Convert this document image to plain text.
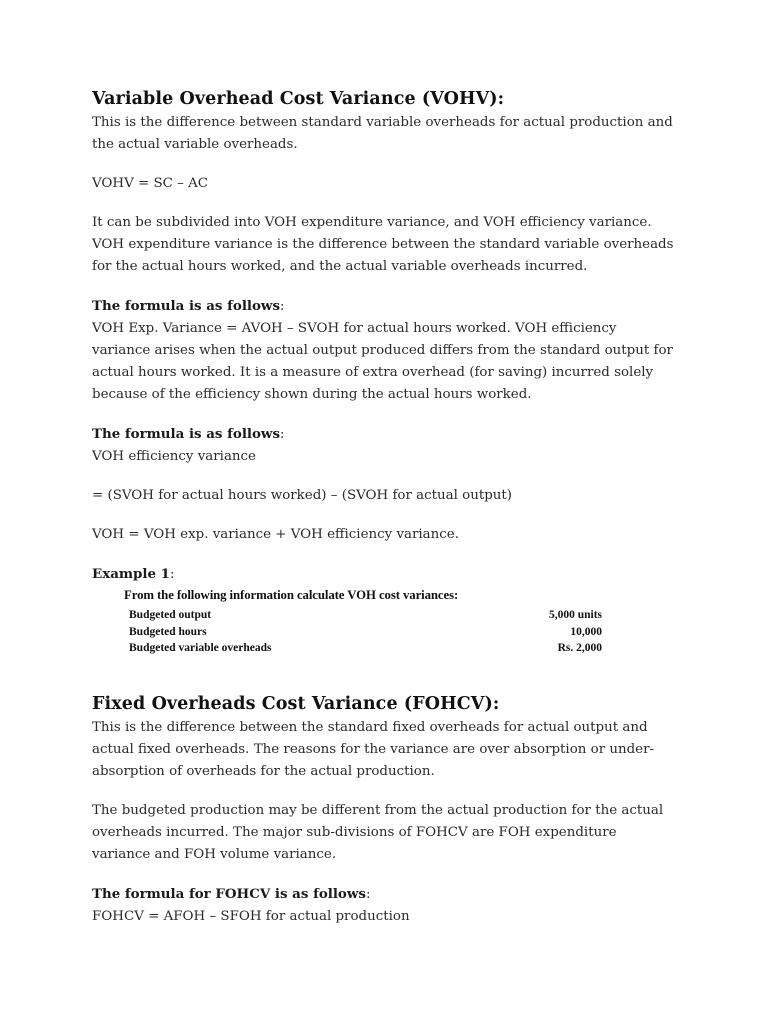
Variable Overhead Cost Variance (VOHV):

This is the difference between standard variable overheads for actual production and

the actual variable overheads.

VOHV = SC – AC

It can be subdivided into VOH expenditure variance, and VOH efficiency variance.

VOH expenditure variance is the difference between the standard variable overheads

for the actual hours worked, and the actual variable overheads incurred.

The formula is as follows:

VOH Exp. Variance = AVOH – SVOH for actual hours worked. VOH efficiency

variance arises when the actual output produced differs from the standard output for

actual hours worked. It is a measure of extra overhead (for saving) incurred solely

because of the efficiency shown during the actual hours worked.

The formula is as follows:

VOH efficiency variance

= (SVOH for actual hours worked) – (SVOH for actual output)

VOH = VOH exp. variance + VOH efficiency variance.

Example 1:

From the following information calculate VOH cost variances:
Budgeted output	5,000 units
Budgeted hours	10,000
Budgeted variable overheads	Rs. 2,000
Fixed Overheads Cost Variance (FOHCV):

This is the difference between the standard fixed overheads for actual output and

actual fixed overheads. The reasons for the variance are over absorption or under-

absorption of overheads for the actual production.

The budgeted production may be different from the actual production for the actual

overheads incurred. The major sub-divisions of FOHCV are FOH expenditure

variance and FOH volume variance.

The formula for FOHCV is as follows:

FOHCV = AFOH – SFOH for actual production
